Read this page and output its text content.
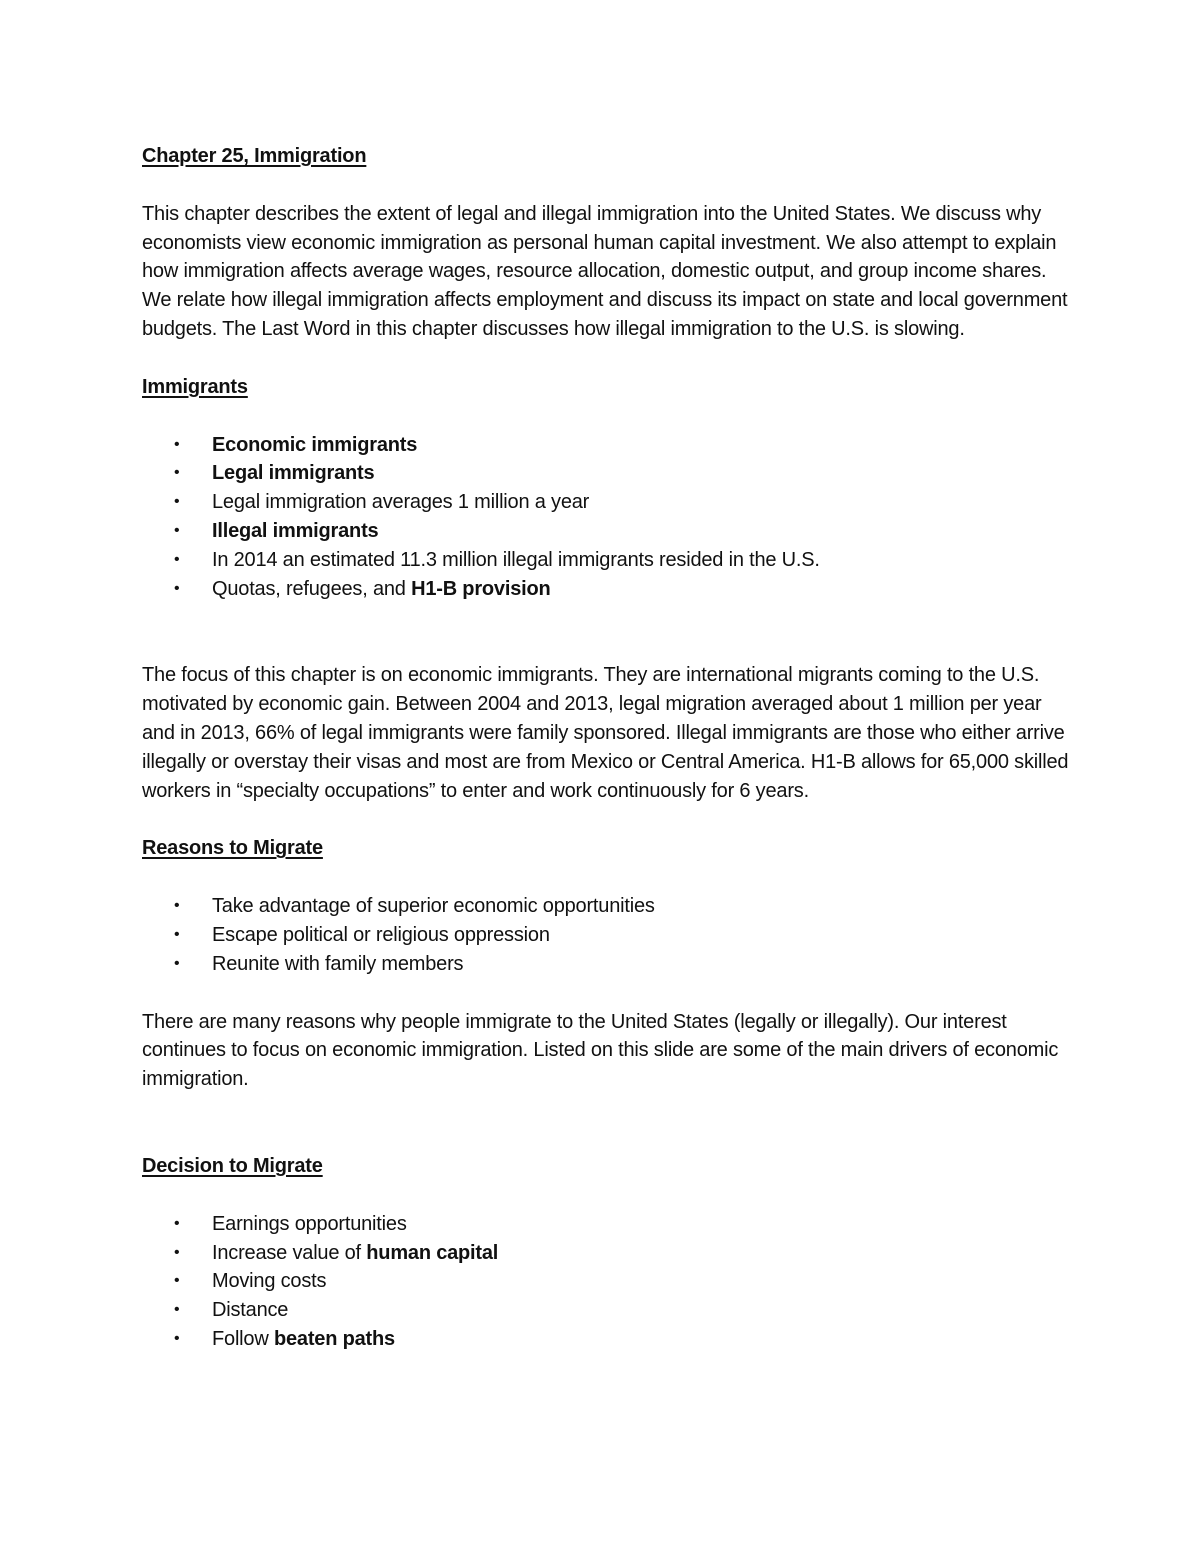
Chapter 25, Immigration

This chapter describes the extent of legal and illegal immigration into the United States. We discuss why economists view economic immigration as personal human capital investment. We also attempt to explain how immigration affects average wages, resource allocation, domestic output, and group income shares. We relate how illegal immigration affects employment and discuss its impact on state and local government budgets. The Last Word in this chapter discusses how illegal immigration to the U.S. is slowing.

Immigrants
• Economic immigrants
• Legal immigrants
• Legal immigration averages 1 million a year
• Illegal immigrants
• In 2014 an estimated 11.3 million illegal immigrants resided in the U.S.
• Quotas, refugees, and H1-B provision

The focus of this chapter is on economic immigrants. They are international migrants coming to the U.S. motivated by economic gain. Between 2004 and 2013, legal migration averaged about 1 million per year and in 2013, 66% of legal immigrants were family sponsored. Illegal immigrants are those who either arrive illegally or overstay their visas and most are from Mexico or Central America. H1-B allows for 65,000 skilled workers in “specialty occupations” to enter and work continuously for 6 years.

Reasons to Migrate
• Take advantage of superior economic opportunities
• Escape political or religious oppression
• Reunite with family members

There are many reasons why people immigrate to the United States (legally or illegally). Our interest continues to focus on economic immigration. Listed on this slide are some of the main drivers of economic immigration.

Decision to Migrate
• Earnings opportunities
• Increase value of human capital
• Moving costs
• Distance
• Follow beaten paths
